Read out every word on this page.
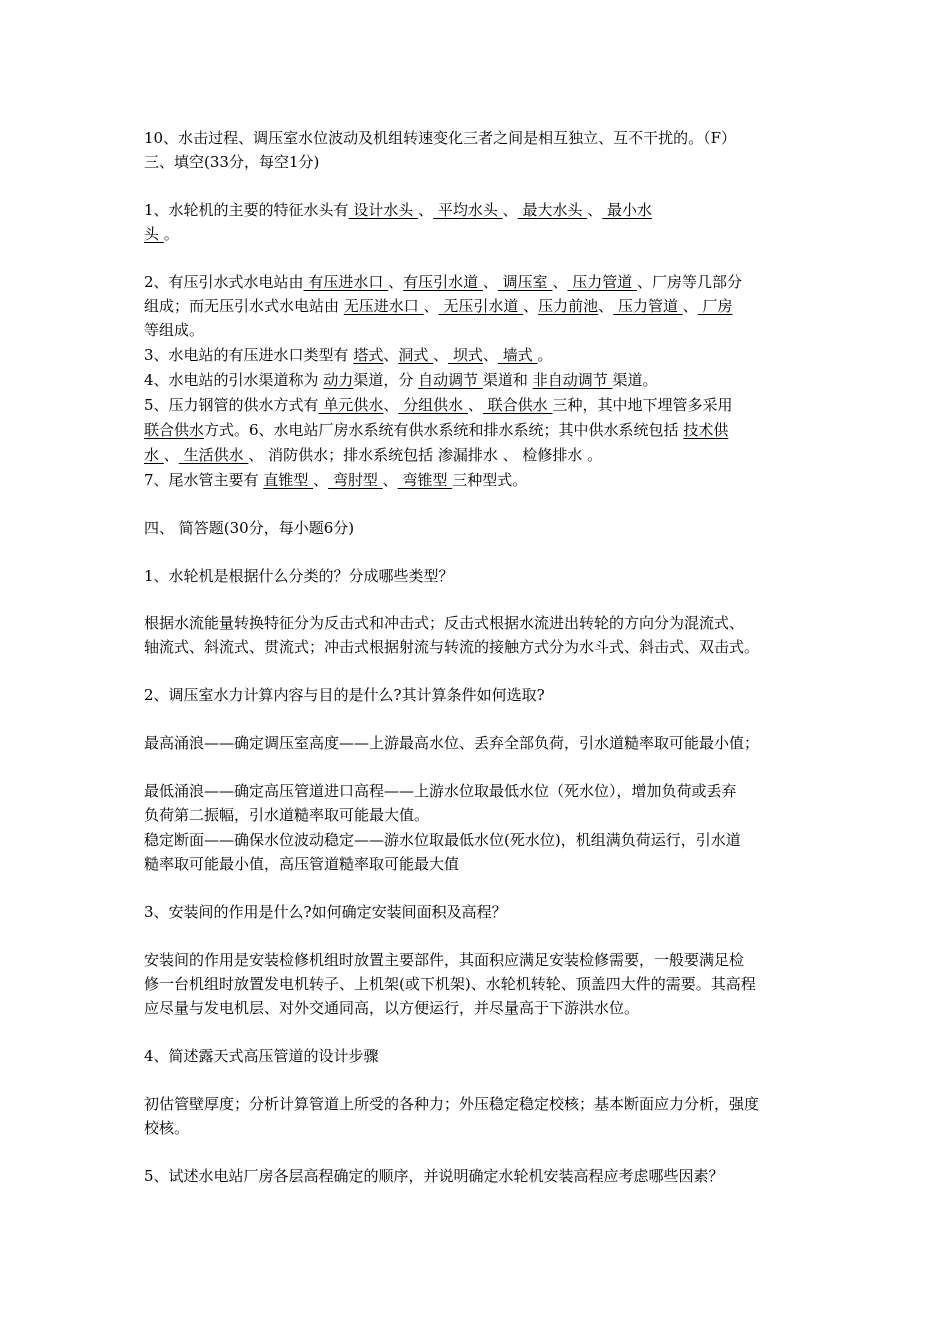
10、水击过程、调压室水位波动及机组转速变化三者之间是相互独立、互不干扰的。（F）
三、填空(33分，每空1分)
1、水轮机的主要的特征水头有 设计水头 、 平均水头 、 最大水头 、 最小水
头 。
2、有压引水式水电站由 有压进水口 、有压引水道 、 调压室 、 压力管道 、厂房等几部分
组成；而无压引水式水电站由 无压进水口 、 无压引水道 、压力前池、 压力管道 、 厂房
等组成。
3、水电站的有压进水口类型有 塔式、洞式 、 坝式、 墙式 。
4、水电站的引水渠道称为 动力渠道，分 自动调节 渠道和 非自动调节 渠道。
5、压力钢管的供水方式有 单元供水、 分组供水 、 联合供水 三种，其中地下埋管多采用
联合供水方式。6、水电站厂房水系统有供水系统和排水系统；其中供水系统包括 技术供
水 、 生活供水 、 消防供水；排水系统包括 渗漏排水 、 检修排水 。
7、尾水管主要有 直锥型 、 弯肘型 、 弯锥型 三种型式。
四、 简答题(30分，每小题6分)
1、水轮机是根据什么分类的？分成哪些类型？
根据水流能量转换特征分为反击式和冲击式；反击式根据水流进出转轮的方向分为混流式、
轴流式、斜流式、贯流式；冲击式根据射流与转流的接触方式分为水斗式、斜击式、双击式。
2、调压室水力计算内容与目的是什么?其计算条件如何选取?
最高涌浪——确定调压室高度——上游最高水位、丢弃全部负荷，引水道糙率取可能最小值；
最低涌浪——确定高压管道进口高程——上游水位取最低水位（死水位），增加负荷或丢弃
负荷第二振幅，引水道糙率取可能最大值。
稳定断面——确保水位波动稳定——游水位取最低水位(死水位)，机组满负荷运行，引水道
糙率取可能最小值，高压管道糙率取可能最大值
3、安装间的作用是什么?如何确定安装间面积及高程？
安装间的作用是安装检修机组时放置主要部件，其面积应满足安装检修需要，一般要满足检
修一台机组时放置发电机转子、上机架(或下机架)、水轮机转轮、顶盖四大件的需要。其高程
应尽量与发电机层、对外交通同高，以方便运行，并尽量高于下游洪水位。
4、简述露天式高压管道的设计步骤
初估管壁厚度；分析计算管道上所受的各种力；外压稳定稳定校核；基本断面应力分析，强度
校核。
5、试述水电站厂房各层高程确定的顺序，并说明确定水轮机安装高程应考虑哪些因素？
